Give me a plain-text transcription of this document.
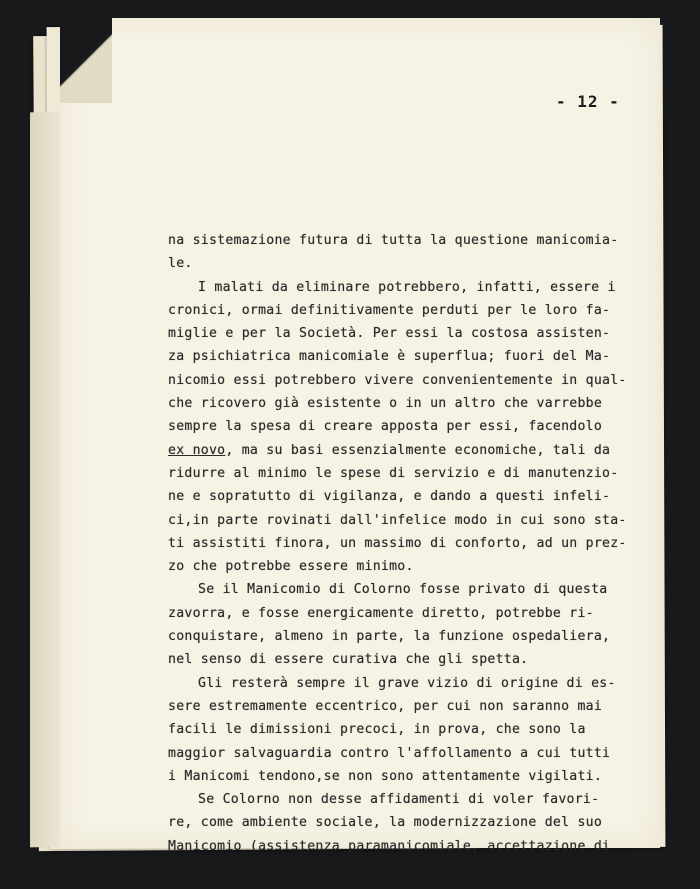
- 12 -
na sistemazione futura di tutta la questione manicomia-
le.
I malati da eliminare potrebbero, infatti, essere i
cronici, ormai definitivamente perduti per le loro fa-
miglie e per la Società. Per essi la costosa assisten-
za psichiatrica manicomiale è superflua; fuori del Ma-
nicomio essi potrebbero vivere convenientemente in qual-
che ricovero già esistente o in un altro che varrebbe
sempre la spesa di creare apposta per essi, facendolo
ex novo, ma su basi essenzialmente economiche, tali da
ridurre al minimo le spese di servizio e di manutenzio-
ne e sopratutto di vigilanza, e dando a questi infeli-
ci,in parte rovinati dall'infelice modo in cui sono sta-
ti assistiti finora, un massimo di conforto, ad un prez-
zo che potrebbe essere minimo.
Se il Manicomio di Colorno fosse privato di questa
zavorra, e fosse energicamente diretto, potrebbe ri-
conquistare, almeno in parte, la funzione ospedaliera,
nel senso di essere curativa che gli spetta.
Gli resterà sempre il grave vizio di origine di es-
sere estremamente eccentrico, per cui non saranno mai
facili le dimissioni precoci, in prova, che sono la
maggior salvaguardia contro l'affollamento a cui tutti
i Manicomi tendono,se non sono attentamente vigilati.
Se Colorno non desse affidamenti di voler favori-
re, come ambiente sociale, la modernizzazione del suo
Manicomio (assistenza paramanicomiale, accettazione di
